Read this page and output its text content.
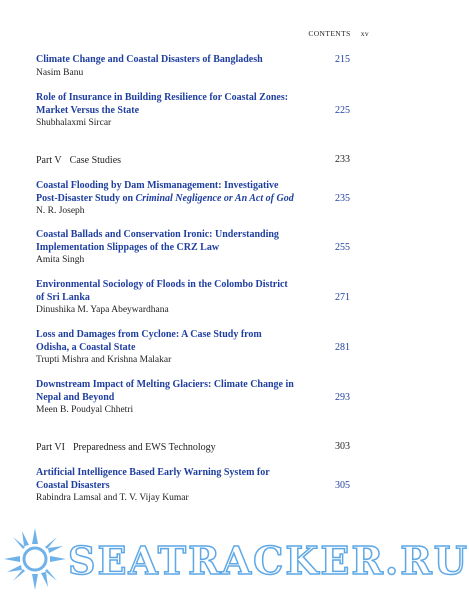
CONTENTS xv
Climate Change and Coastal Disasters of Bangladesh	215
Nasim Banu
Role of Insurance in Building Resilience for Coastal Zones:
Market Versus the State	225
Shubhalaxmi Sircar
Part V Case Studies	233
Coastal Flooding by Dam Mismanagement: Investigative
Post-Disaster Study on Criminal Negligence or An Act of God	235
N. R. Joseph
Coastal Ballads and Conservation Ironic: Understanding
Implementation Slippages of the CRZ Law	255
Amita Singh
Environmental Sociology of Floods in the Colombo District
of Sri Lanka	271
Dinushika M. Yapa Abeywardhana
Loss and Damages from Cyclone: A Case Study from
Odisha, a Coastal State	281
Trupti Mishra and Krishna Malakar
Downstream Impact of Melting Glaciers: Climate Change in
Nepal and Beyond	293
Meen B. Poudyal Chhetri
Part VI Preparedness and EWS Technology	303
Artificial Intelligence Based Early Warning System for
Coastal Disasters	305
Rabindra Lamsal and T. V. Vijay Kumar
SEATRACKER.RU
